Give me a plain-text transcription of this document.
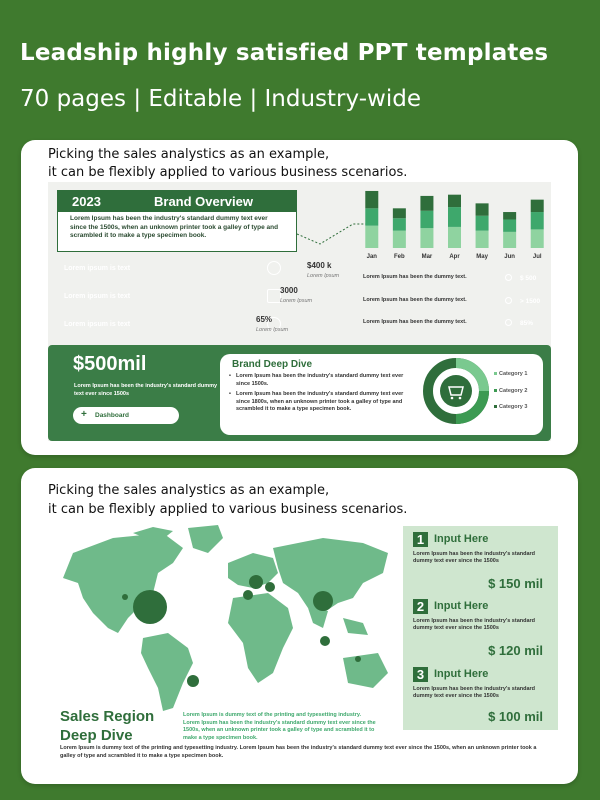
Leadship highly satisfied PPT templates
70 pages | Editable | Industry-wide
Picking the sales analystics as an example,
it can be flexibly applied to various business scenarios.
2023	Brand Overview
Lorem Ipsum has been the industry's standard dummy text ever since the 1500s, when an unknown printer took a galley of type and scrambled it to make a type specimen book.
Jan	Feb	Mar	Apr	May	Jun	Jul
Lorem ipsum is text	$400 k
Lorem Ipsum
Lorem ipsum is text
3000
Lorem Ipsum
Lorem ipsum is text	65%
Lorem Ipsum
Lorem Ipsum has been the dummy text.	$ 500
Lorem Ipsum has been the dummy text.	> 1500
Lorem Ipsum has been the dummy text.	85%
$500mil
Lorem Ipsum has been the industry's standard dummy text ever since 1500s
+ Dashboard
Brand Deep Dive
• Lorem Ipsum has been the industry's standard dummy text ever since 1500s.
• Lorem Ipsum has been the industry's standard dummy text ever since 1800s, when an unknown printer took a galley of type and scrambled it to make a type specimen book.
Category 1
Category 2
Category 3
Picking the sales analystics as an example,
it can be flexibly applied to various business scenarios.
Sales Region
Deep Dive
Lorem Ipsum is dummy text of the printing and typesetting industry. Lorem Ipsum has been the industry's standard dummy text ever since the 1500s, when an unknown printer took a galley of type and scrambled it to make a type specimen book.
Lorem Ipsum is dummy text of the printing and typesetting industry. Lorem Ipsum has been the industry's standard dummy text ever since the 1500s, when an unknown printer took a galley of type and scrambled it to make a type specimen book.
1 Input Here
Lorem Ipsum has been the industry's standard dummy text ever since the 1500s
$ 150 mil
2 Input Here
Lorem Ipsum has been the industry's standard dummy text ever since the 1500s
$ 120 mil
3 Input Here
Lorem Ipsum has been the industry's standard dummy text ever since the 1500s
$ 100 mil
